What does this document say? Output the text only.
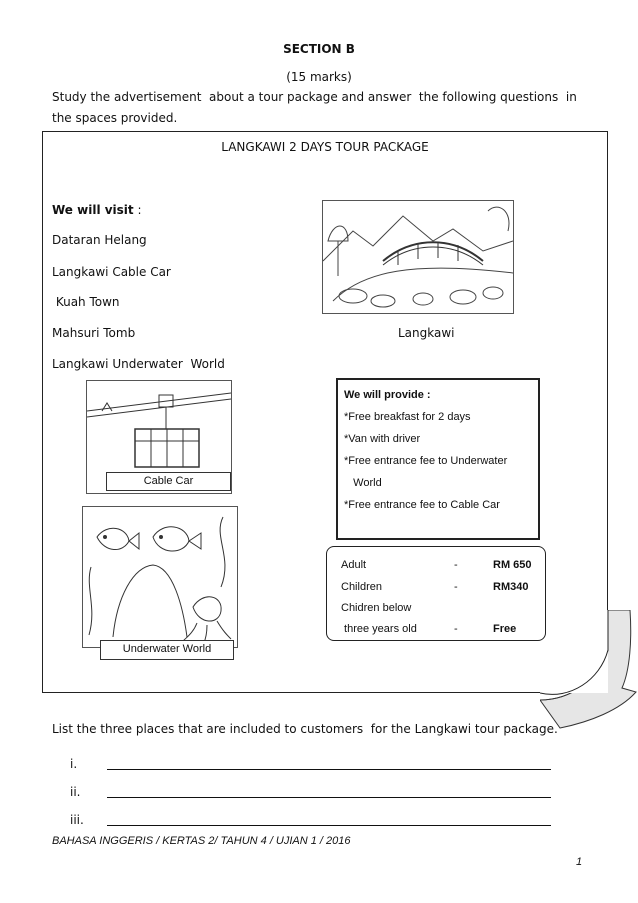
SECTION B
(15 marks)
Study the advertisement  about a tour package and answer  the following questions  in
the spaces provided.
LANGKAWI 2 DAYS TOUR PACKAGE
We will visit :
Dataran Helang
Langkawi Cable Car
Kuah Town
Mahsuri Tomb
Langkawi Underwater  World
Langkawi
Cable Car
Underwater World
We will provide :
*Free breakfast for 2 days
*Van with driver
*Free entrance fee to Underwater
World
*Free entrance fee to Cable Car
Adult	-	RM 650
Children	-	RM340
Chidren below
three years old	-	Free
List the three places that are included to customers  for the Langkawi tour package.
i.
ii.
iii.
BAHASA INGGERIS / KERTAS 2/ TAHUN 4 / UJIAN 1 / 2016
1
